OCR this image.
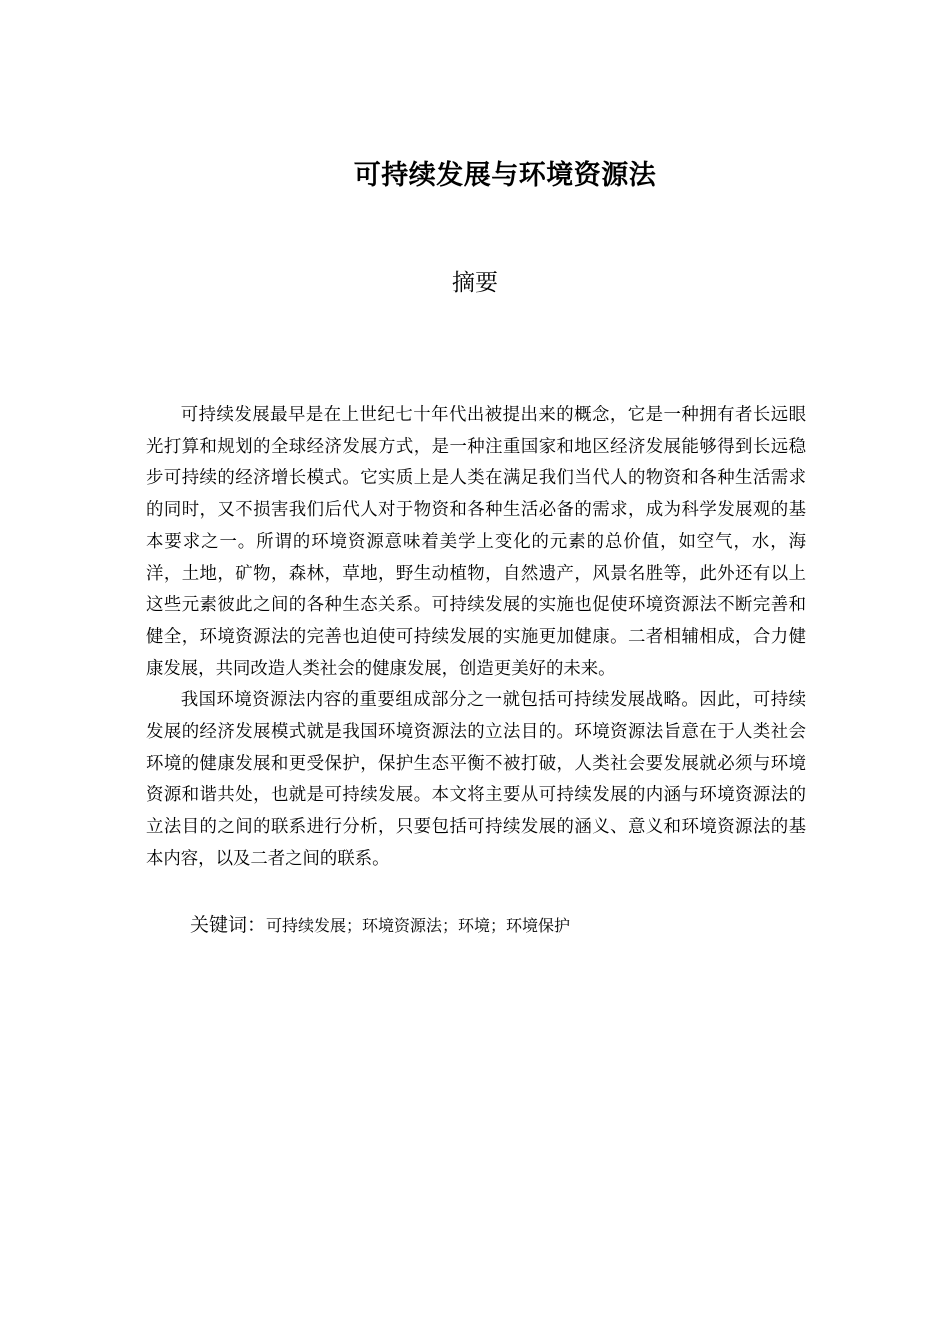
可持续发展与环境资源法
摘要

可持续发展最早是在上世纪七十年代出被提出来的概念，它是一种拥有者长远眼光打算和规划的全球经济发展方式，是一种注重国家和地区经济发展能够得到长远稳步可持续的经济增长模式。它实质上是人类在满足我们当代人的物资和各种生活需求的同时，又不损害我们后代人对于物资和各种生活必备的需求，成为科学发展观的基本要求之一。所谓的环境资源意味着美学上变化的元素的总价值，如空气，水，海洋，土地，矿物，森林，草地，野生动植物，自然遗产，风景名胜等，此外还有以上这些元素彼此之间的各种生态关系。可持续发展的实施也促使环境资源法不断完善和健全，环境资源法的完善也迫使可持续发展的实施更加健康。二者相辅相成，合力健康发展，共同改造人类社会的健康发展，创造更美好的未来。

我国环境资源法内容的重要组成部分之一就包括可持续发展战略。因此，可持续发展的经济发展模式就是我国环境资源法的立法目的。环境资源法旨意在于人类社会环境的健康发展和更受保护，保护生态平衡不被打破，人类社会要发展就必须与环境资源和谐共处，也就是可持续发展。本文将主要从可持续发展的内涵与环境资源法的立法目的之间的联系进行分析，只要包括可持续发展的涵义、意义和环境资源法的基本内容，以及二者之间的联系。

关键词：可持续发展；环境资源法；环境；环境保护
